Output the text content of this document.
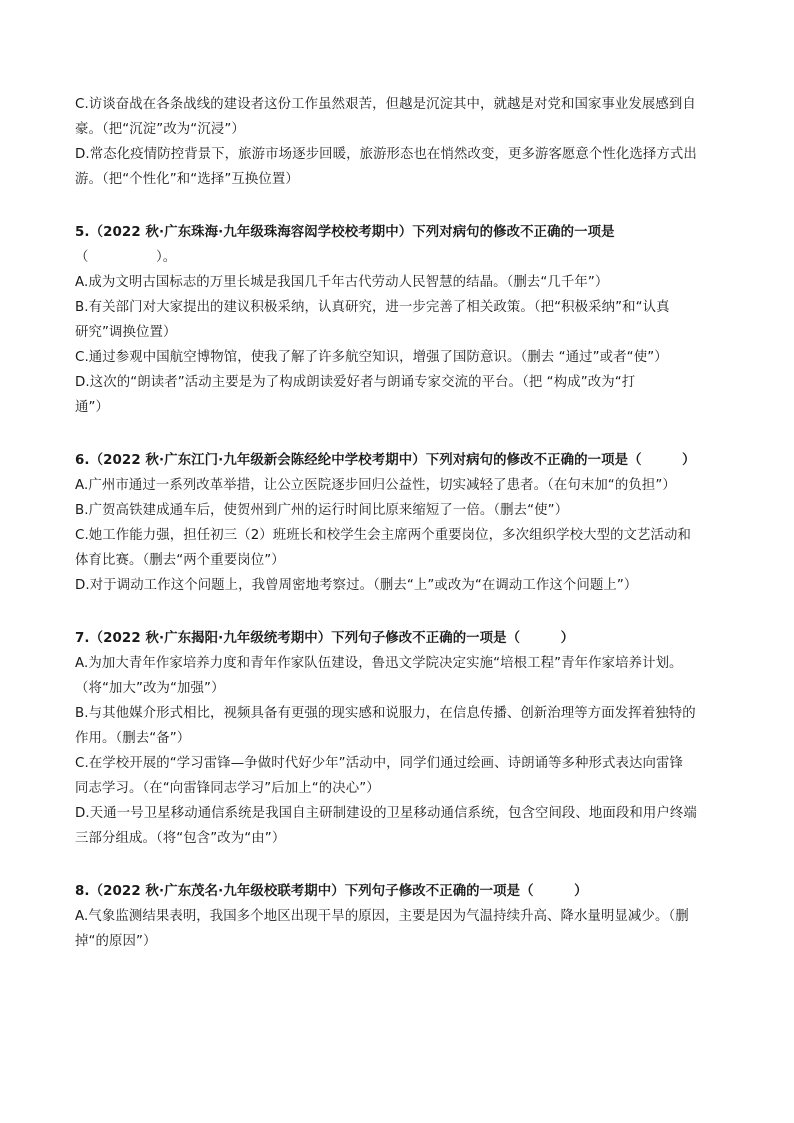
C.访谈奋战在各条战线的建设者这份工作虽然艰苦，但越是沉淀其中，就越是对党和国家事业发展感到自
豪。（把“沉淀”改为“沉浸”）
D.常态化疫情防控背景下，旅游市场逐步回暖，旅游形态也在悄然改变，更多游客愿意个性化选择方式出
游。（把“个性化”和“选择”互换位置）
5.（2022 秋·广东珠海·九年级珠海容闳学校校考期中）下列对病句的修改不正确的一项是
（　　　　　）。
A.成为文明古国标志的万里长城是我国几千年古代劳动人民智慧的结晶。（删去“几千年”）
B.有关部门对大家提出的建议积极采纳，认真研究，进一步完善了相关政策。（把“积极采纳”和“认真
研究”调换位置）
C.通过参观中国航空博物馆，使我了解了许多航空知识，增强了国防意识。（删去 “通过”或者“使”）
D.这次的“朗读者”活动主要是为了构成朗读爱好者与朗诵专家交流的平台。（把 “构成”改为“打
通”）
6.（2022 秋·广东江门·九年级新会陈经纶中学校考期中）下列对病句的修改不正确的一项是（　　　）
A.广州市通过一系列改革举措，让公立医院逐步回归公益性，切实减轻了患者。（在句末加“的负担”）
B.广贺高铁建成通车后，使贺州到广州的运行时间比原来缩短了一倍。（删去“使”）
C.她工作能力强，担任初三（2）班班长和校学生会主席两个重要岗位，多次组织学校大型的文艺活动和
体育比赛。（删去“两个重要岗位”）
D.对于调动工作这个问题上，我曾周密地考察过。（删去“上”或改为“在调动工作这个问题上”）
7.（2022 秋·广东揭阳·九年级统考期中）下列句子修改不正确的一项是（　　　）
A.为加大青年作家培养力度和青年作家队伍建设，鲁迅文学院决定实施“培根工程”青年作家培养计划。
（将“加大”改为“加强”）
B.与其他媒介形式相比，视频具备有更强的现实感和说服力，在信息传播、创新治理等方面发挥着独特的
作用。（删去“备”）
C.在学校开展的“学习雷锋—争做时代好少年”活动中，同学们通过绘画、诗朗诵等多种形式表达向雷锋
同志学习。（在“向雷锋同志学习”后加上“的决心”）
D.天通一号卫星移动通信系统是我国自主研制建设的卫星移动通信系统，包含空间段、地面段和用户终端
三部分组成。（将“包含”改为“由”）
8.（2022 秋·广东茂名·九年级校联考期中）下列句子修改不正确的一项是（　　　）
A.气象监测结果表明，我国多个地区出现干旱的原因，主要是因为气温持续升高、降水量明显减少。（删
掉“的原因”）
